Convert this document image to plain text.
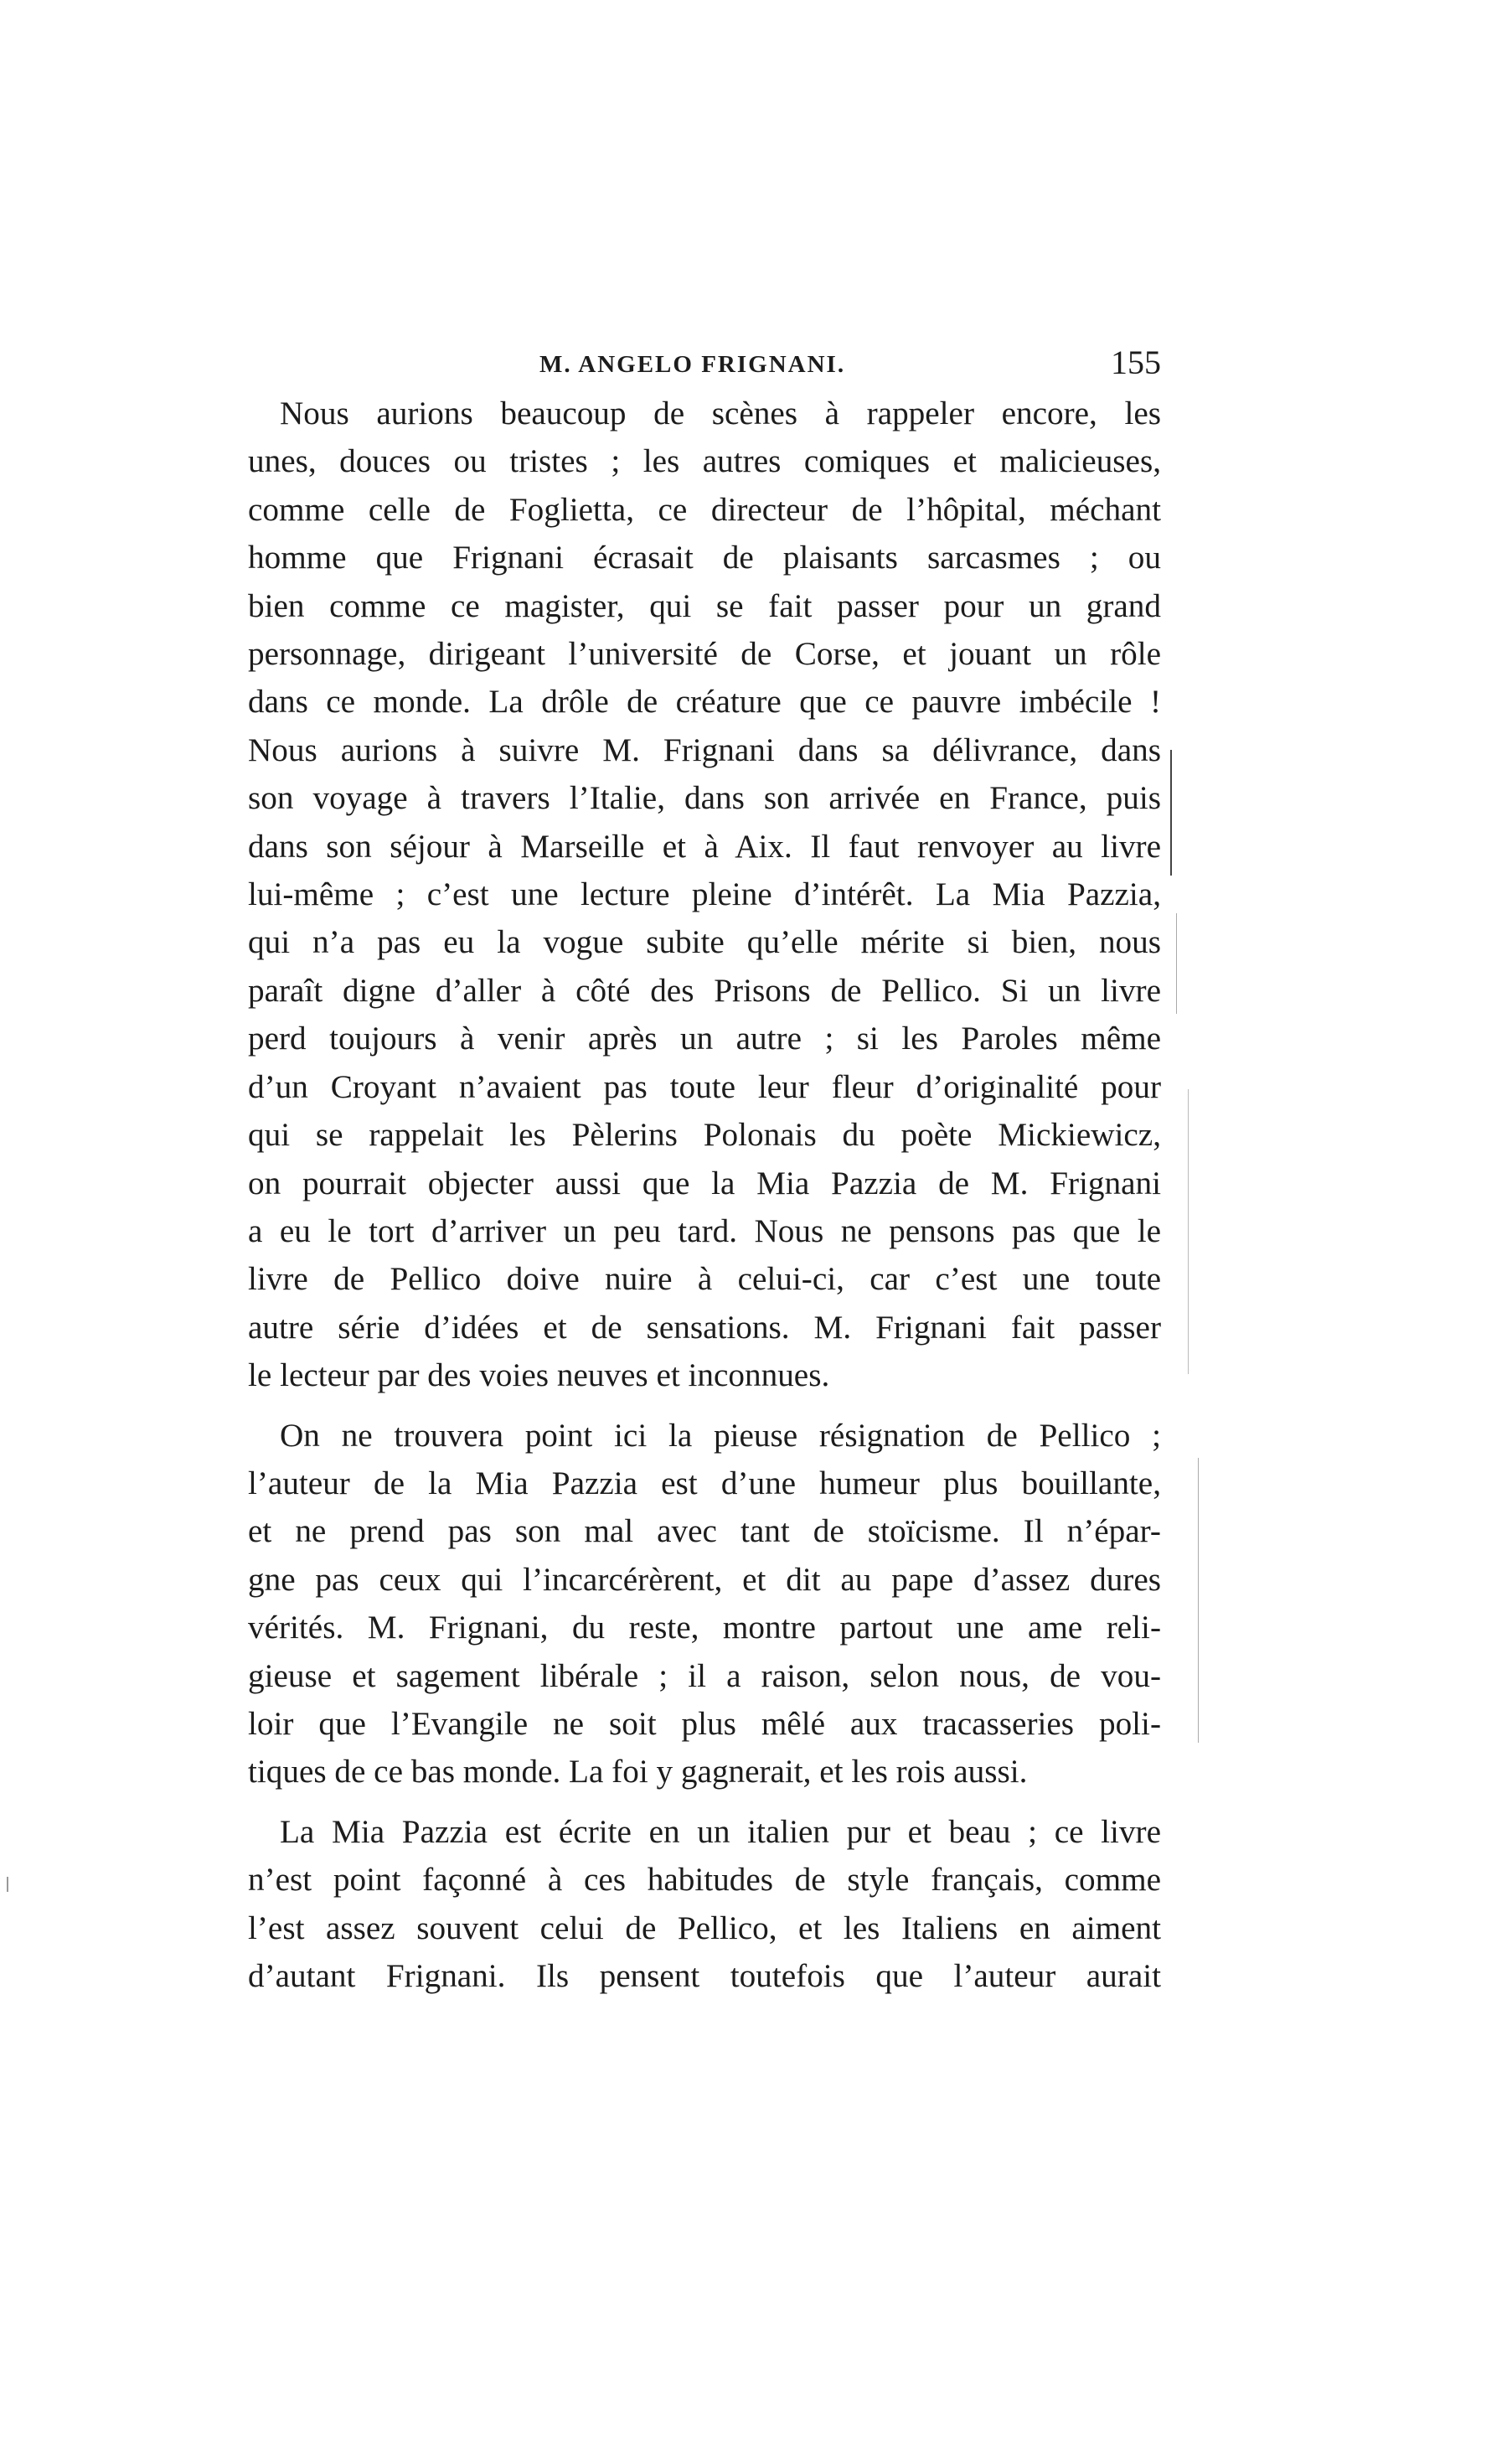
M. ANGELO FRIGNANI.	155
Nous aurions beaucoup de scènes à rappeler encore, les
unes, douces ou tristes ; les autres comiques et malicieuses,
comme celle de Foglietta, ce directeur de l’hôpital, méchant
homme que Frignani écrasait de plaisants sarcasmes ; ou
bien comme ce magister, qui se fait passer pour un grand
personnage, dirigeant l’université de Corse, et jouant un rôle
dans ce monde. La drôle de créature que ce pauvre imbécile !
Nous aurions à suivre M. Frignani dans sa délivrance, dans
son voyage à travers l’Italie, dans son arrivée en France, puis
dans son séjour à Marseille et à Aix. Il faut renvoyer au livre
lui-même ; c’est une lecture pleine d’intérêt. La Mia Pazzia,
qui n’a pas eu la vogue subite qu’elle mérite si bien, nous
paraît digne d’aller à côté des Prisons de Pellico. Si un livre
perd toujours à venir après un autre ; si les Paroles même
d’un Croyant n’avaient pas toute leur fleur d’originalité pour
qui se rappelait les Pèlerins Polonais du poète Mickiewicz,
on pourrait objecter aussi que la Mia Pazzia de M. Frignani
a eu le tort d’arriver un peu tard. Nous ne pensons pas que le
livre de Pellico doive nuire à celui-ci, car c’est une toute
autre série d’idées et de sensations. M. Frignani fait passer
le lecteur par des voies neuves et inconnues.
On ne trouvera point ici la pieuse résignation de Pellico ;
l’auteur de la Mia Pazzia est d’une humeur plus bouillante,
et ne prend pas son mal avec tant de stoïcisme. Il n’épar-
gne pas ceux qui l’incarcérèrent, et dit au pape d’assez dures
vérités. M. Frignani, du reste, montre partout une ame reli-
gieuse et sagement libérale ; il a raison, selon nous, de vou-
loir que l’Evangile ne soit plus mêlé aux tracasseries poli-
tiques de ce bas monde. La foi y gagnerait, et les rois aussi.
La Mia Pazzia est écrite en un italien pur et beau ; ce livre
n’est point façonné à ces habitudes de style français, comme
l’est assez souvent celui de Pellico, et les Italiens en aiment
d’autant Frignani. Ils pensent toutefois que l’auteur aurait
